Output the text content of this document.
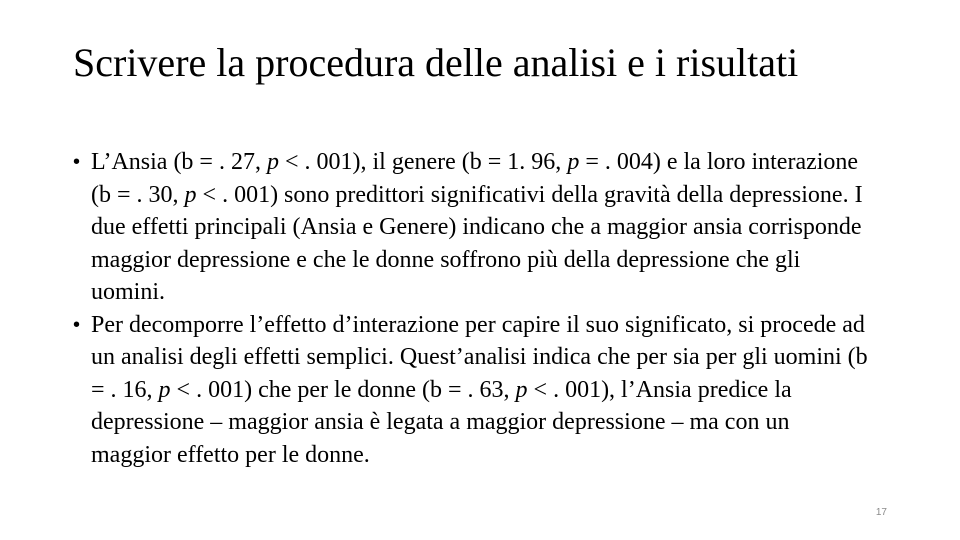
Scrivere la procedura delle analisi e i risultati
• L’Ansia (b = . 27, p < . 001), il genere (b = 1. 96, p = . 004) e la loro interazione (b = . 30, p < . 001) sono predittori significativi della gravità della depressione. I due effetti principali (Ansia e Genere) indicano che a maggior ansia corrisponde maggior depressione e che le donne soffrono più della depressione che gli uomini.
• Per decomporre l’effetto d’interazione per capire il suo significato, si procede ad un analisi degli effetti semplici. Quest’analisi indica che per sia per gli uomini (b = . 16, p < . 001) che per le donne (b = . 63, p < . 001), l’Ansia predice la depressione – maggior ansia è legata a maggior depressione – ma con un maggior effetto per le donne.
17
